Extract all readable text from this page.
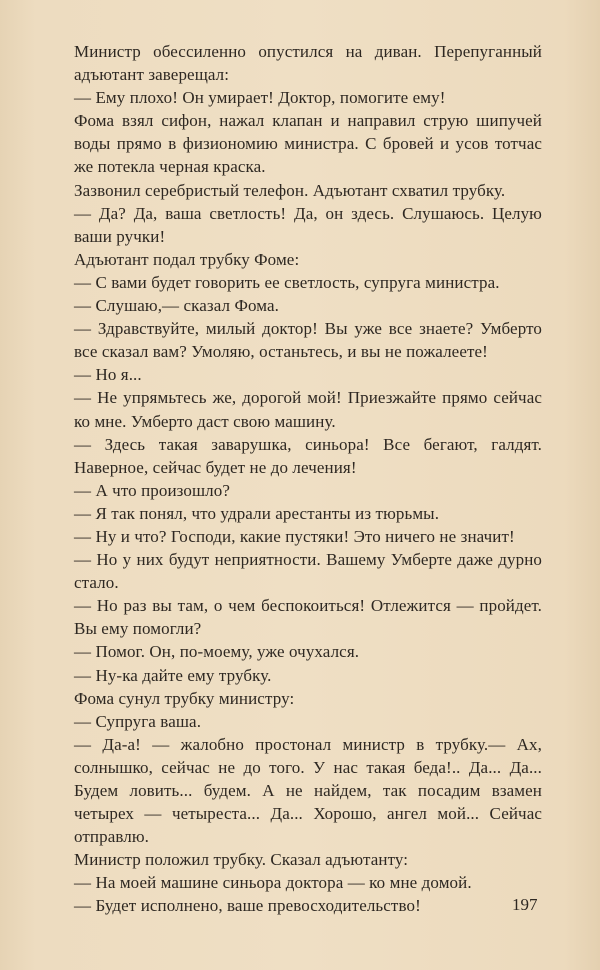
Министр обессиленно опустился на диван. Перепуганный адъютант заверещал:

— Ему плохо! Он умирает! Доктор, помогите ему!

Фома взял сифон, нажал клапан и направил струю шипучей воды прямо в физиономию министра. С бровей и усов тотчас же потекла черная краска.

Зазвонил серебристый телефон. Адъютант схватил трубку.

— Да? Да, ваша светлость! Да, он здесь. Слушаюсь. Целую ваши ручки!

Адъютант подал трубку Фоме:

— С вами будет говорить ее светлость, супруга министра.

— Слушаю,— сказал Фома.

— Здравствуйте, милый доктор! Вы уже все знаете? Умберто все сказал вам? Умоляю, останьтесь, и вы не пожалеете!

— Но я...

— Не упрямьтесь же, дорогой мой! Приезжайте прямо сейчас ко мне. Умберто даст свою машину.

— Здесь такая заварушка, синьора! Все бегают, галдят. Наверное, сейчас будет не до лечения!

— А что произошло?

— Я так понял, что удрали арестанты из тюрьмы.

— Ну и что? Господи, какие пустяки! Это ничего не значит!

— Но у них будут неприятности. Вашему Умберте даже дурно стало.

— Но раз вы там, о чем беспокоиться! Отлежится — пройдет. Вы ему помогли?

— Помог. Он, по-моему, уже очухался.

— Ну-ка дайте ему трубку.

Фома сунул трубку министру:

— Супруга ваша.

— Да-а! — жалобно простонал министр в трубку.— Ах, солнышко, сейчас не до того. У нас такая беда!.. Да... Да... Будем ловить... будем. А не найдем, так посадим взамен четырех — четыреста... Да... Хорошо, ангел мой... Сейчас отправлю.

Министр положил трубку. Сказал адъютанту:

— На моей машине синьора доктора — ко мне домой.

— Будет исполнено, ваше превосходительство!	197
